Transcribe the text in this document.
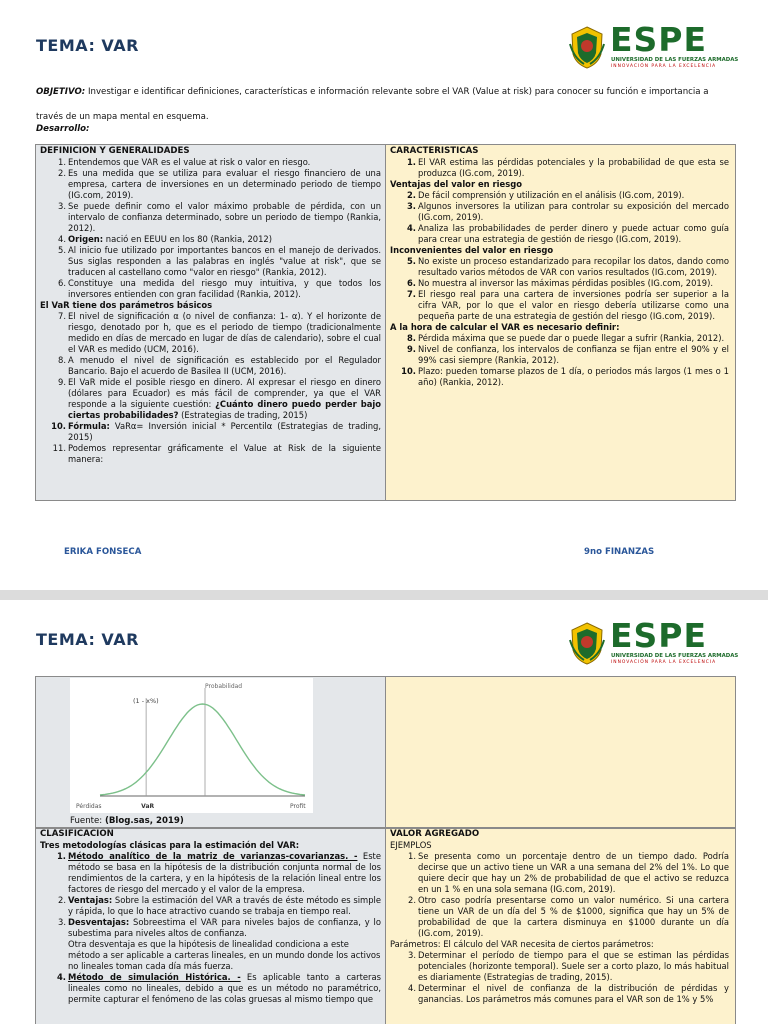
TEMA: VAR	ESPE
UNIVERSIDAD DE LAS FUERZAS ARMADAS
INNOVACIÓN PARA LA EXCELENCIA
OBJETIVO: Investigar e identificar definiciones, características e información relevante sobre el VAR (Value at risk) para conocer su función e importancia a través de un mapa mental en esquema.
Desarrollo:
DEFINICION Y GENERALIDADES
1. Entendemos que VAR es el value at risk o valor en riesgo.
2. Es una medida que se utiliza para evaluar el riesgo financiero de una empresa, cartera de inversiones en un determinado periodo de tiempo (IG.com, 2019).
3. Se puede definir como el valor máximo probable de pérdida, con un intervalo de confianza determinado, sobre un periodo de tiempo (Rankia, 2012).
4. Origen: nació en EEUU en los 80 (Rankia, 2012)
5. Al inicio fue utilizado por importantes bancos en el manejo de derivados. Sus siglas responden a las palabras en inglés "value at risk", que se traducen al castellano como "valor en riesgo" (Rankia, 2012).
6. Constituye una medida del riesgo muy intuitiva, y que todos los inversores entienden con gran facilidad (Rankia, 2012).

El VaR tiene dos parámetros básicos

7. El nivel de significación α (o nivel de confianza: 1- α). Y el horizonte de riesgo, denotado por h, que es el periodo de tiempo (tradicionalmente medido en días de mercado en lugar de días de calendario), sobre el cual el VAR es medido (UCM, 2016).
8. A menudo el nivel de significación es establecido por el Regulador Bancario. Bajo el acuerdo de Basilea II (UCM, 2016).
9. El VaR mide el posible riesgo en dinero. Al expresar el riesgo en dinero (dólares para Ecuador) es más fácil de comprender, ya que el VAR responde a la siguiente cuestión: ¿Cuánto dinero puedo perder bajo ciertas probabilidades? (Estrategias de trading, 2015)
10. Fórmula: VaRα= Inversión inicial * Percentilα (Estrategias de trading, 2015)
11. Podemos representar gráficamente el Value at Risk de la siguiente manera:
CARACTERISTICAS
1. El VAR estima las pérdidas potenciales y la probabilidad de que esta se produzca (IG.com, 2019).

Ventajas del valor en riesgo

2. De fácil comprensión y utilización en el análisis (IG.com, 2019).
3. Algunos inversores la utilizan para controlar su exposición del mercado (IG.com, 2019).
4. Analiza las probabilidades de perder dinero y puede actuar como guía para crear una estrategia de gestión de riesgo (IG.com, 2019).

Inconvenientes del valor en riesgo

5. No existe un proceso estandarizado para recopilar los datos, dando como resultado varios métodos de VAR con varios resultados (IG.com, 2019).
6. No muestra al inversor las máximas pérdidas posibles (IG.com, 2019).
7. El riesgo real para una cartera de inversiones podría ser superior a la cifra VAR, por lo que el valor en riesgo debería utilizarse como una pequeña parte de una estrategia de gestión del riesgo (IG.com, 2019).

A la hora de calcular el VAR es necesario definir:

8. Pérdida máxima que se puede dar o puede llegar a sufrir (Rankia, 2012).
9. Nivel de confianza, los intervalos de confianza se fijan entre el 90% y el 99% casi siempre (Rankia, 2012).
10. Plazo: pueden tomarse plazos de 1 día, o periodos más largos (1 mes o 1 año) (Rankia, 2012).
ERIKA FONSECA	9no FINANZAS
TEMA: VAR	ESPE
UNIVERSIDAD DE LAS FUERZAS ARMADAS
INNOVACIÓN PARA LA EXCELENCIA
Probabilidad
(1 - x%)
Pérdidas	VaR	Profit
Fuente: (Blog.sas, 2019)
CLASIFICACION

Tres metodologías clásicas para la estimación del VAR:

1. Método analítico de la matriz de varianzas-covarianzas. - Este método se basa en la hipótesis de la distribución conjunta normal de los rendimientos de la cartera, y en la hipótesis de la relación lineal entre los factores de riesgo del mercado y el valor de la empresa.
2. Ventajas: Sobre la estimación del VAR a través de éste método es simple y rápida, lo que lo hace atractivo cuando se trabaja en tiempo real.
3. Desventajas: Sobreestima el VAR para niveles bajos de confianza, y lo subestima para niveles altos de confianza.

Otra desventaja es que la hipótesis de linealidad condiciona a este método a ser aplicable a carteras lineales, en un mundo donde los activos no lineales toman cada día más fuerza.

4. Método de simulación Histórica. - Es aplicable tanto a carteras lineales como no lineales, debido a que es un método no paramétrico, permite capturar el fenómeno de las colas gruesas al mismo tiempo que
VALOR AGREGADO

EJEMPLOS

1. Se presenta como un porcentaje dentro de un tiempo dado. Podría decirse que un activo tiene un VAR a una semana del 2% del 1%. Lo que quiere decir que hay un 2% de probabilidad de que el activo se reduzca en un 1 % en una sola semana (IG.com, 2019).
2. Otro caso podría presentarse como un valor numérico. Si una cartera tiene un VAR de un día del 5 % de $1000, significa que hay un 5% de probabilidad de que la cartera disminuya en $1000 durante un día (IG.com, 2019).

Parámetros: El cálculo del VAR necesita de ciertos parámetros:

3. Determinar el período de tiempo para el que se estiman las pérdidas potenciales (horizonte temporal). Suele ser a corto plazo, lo más habitual es diariamente (Estrategias de trading, 2015).
4. Determinar el nivel de confianza de la distribución de pérdidas y ganancias. Los parámetros más comunes para el VAR son de 1% y 5%
